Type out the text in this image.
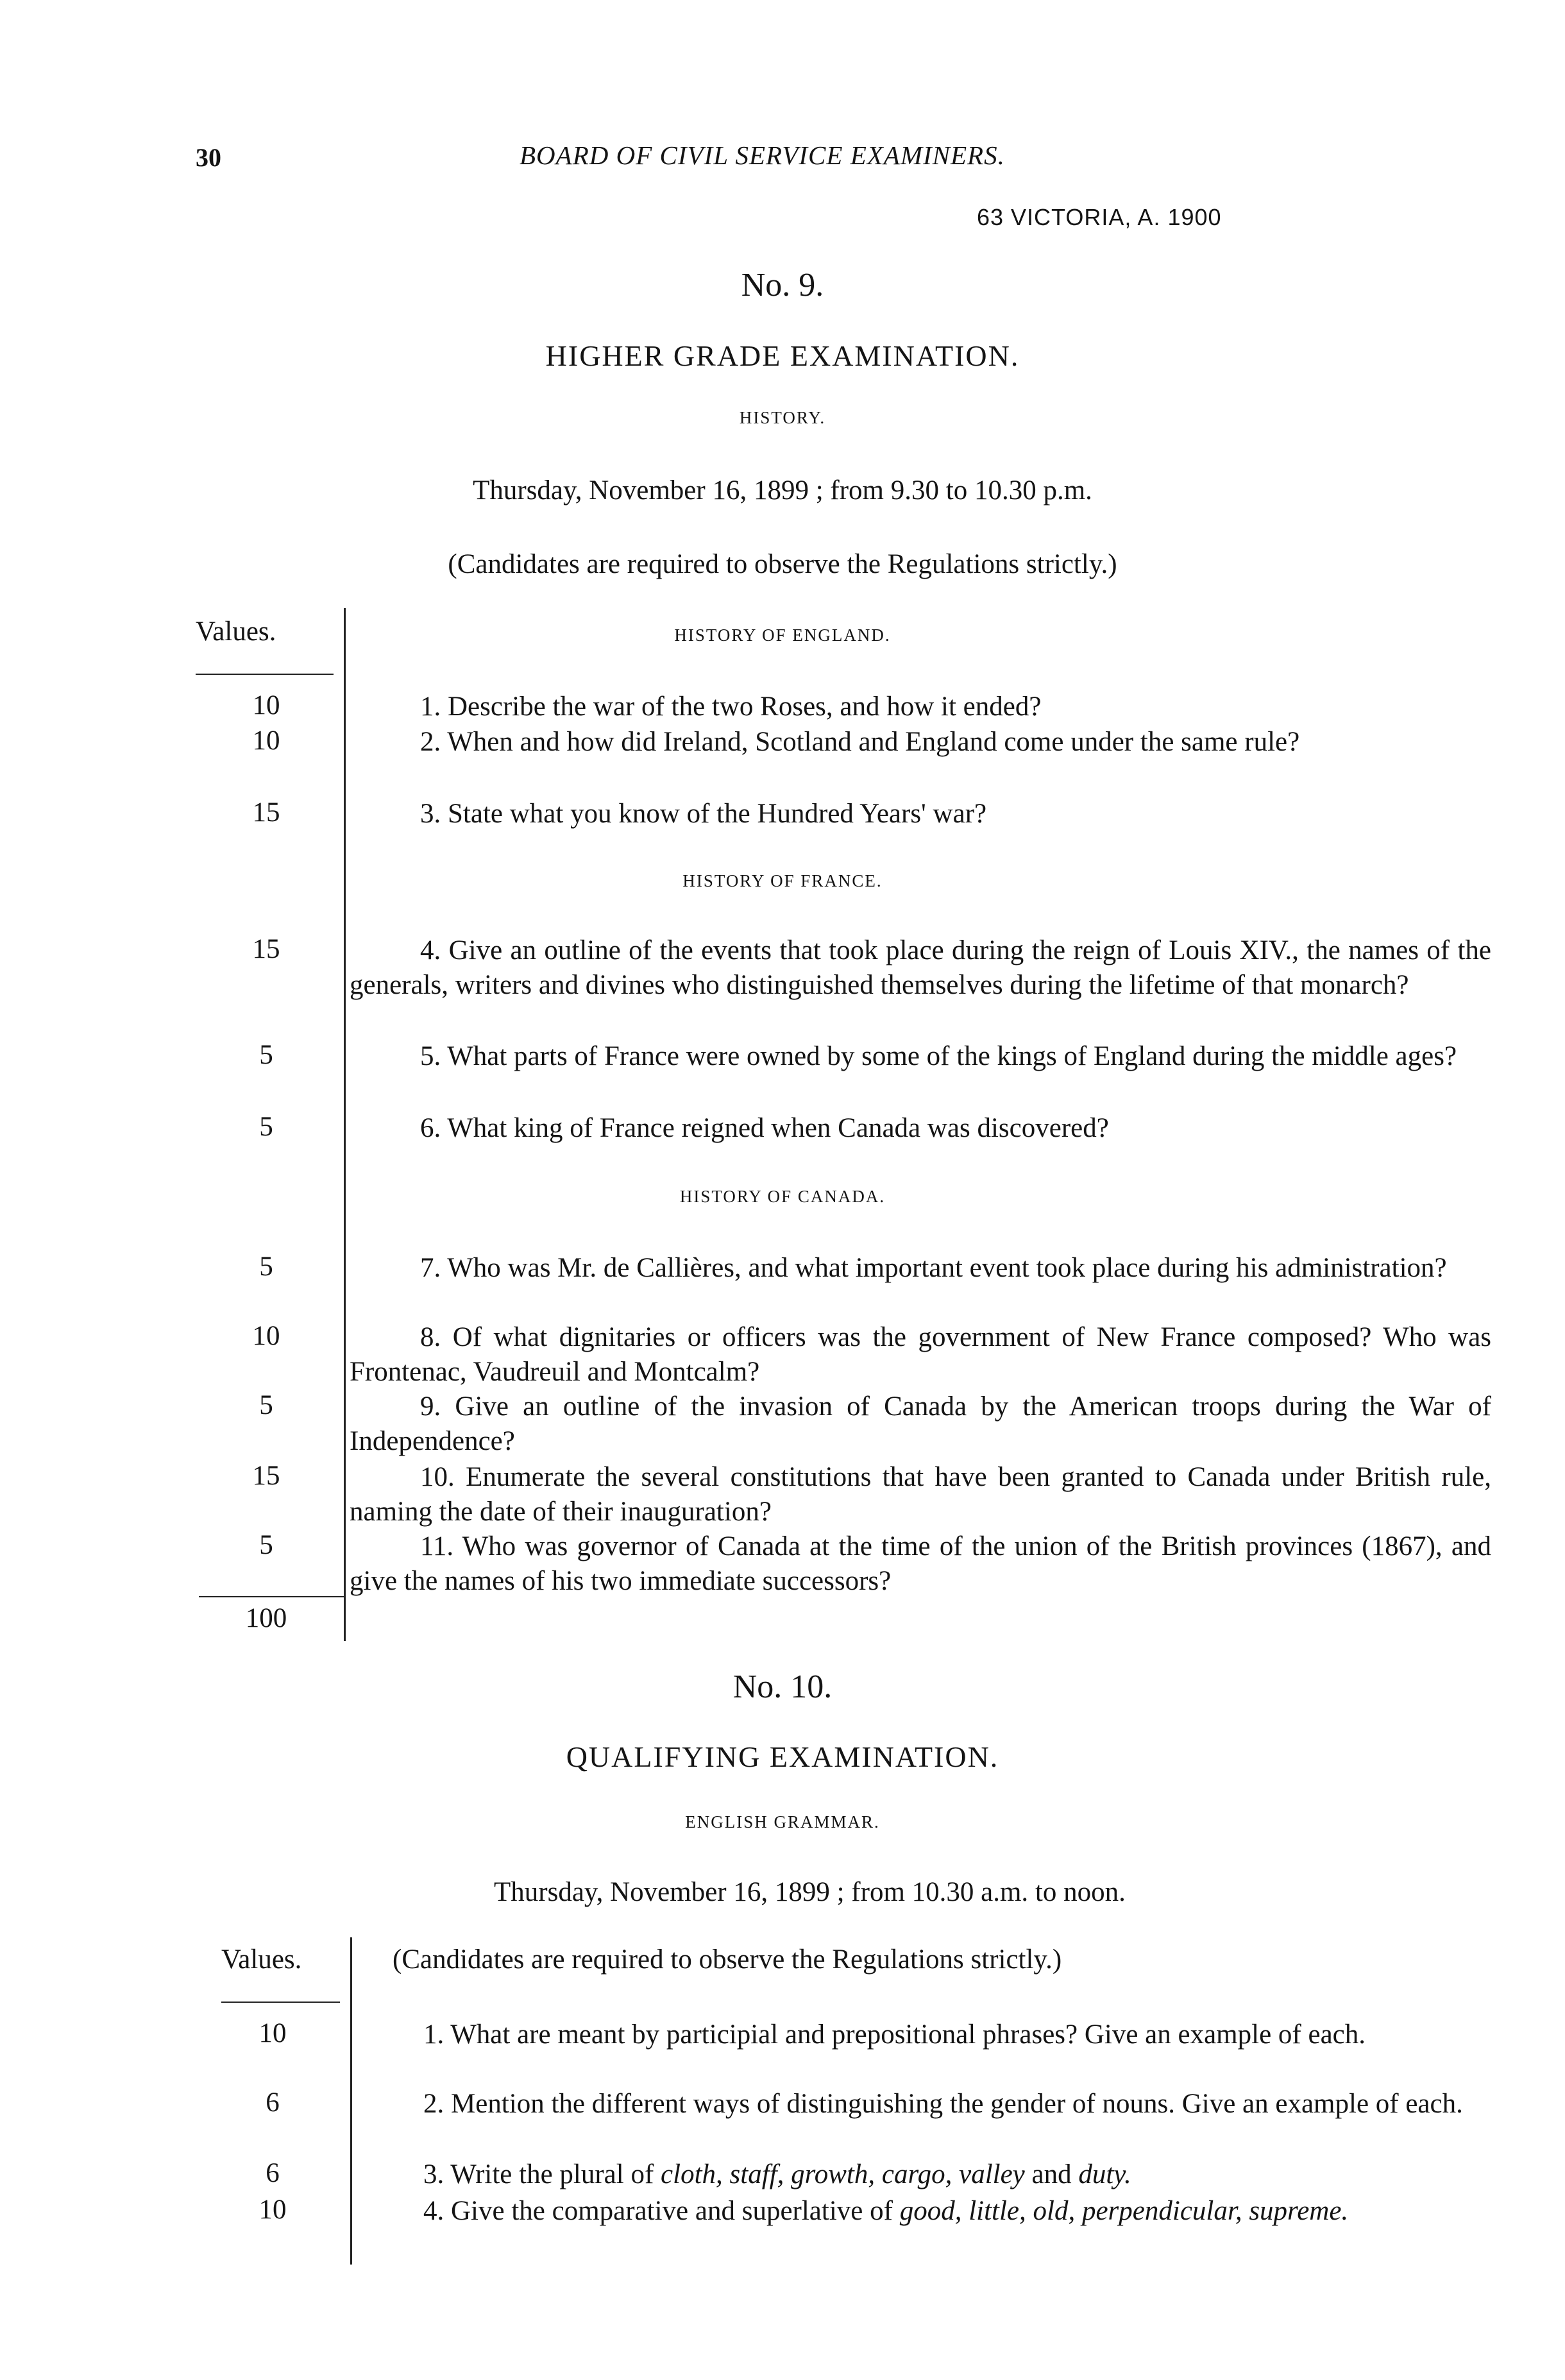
30	BOARD OF CIVIL SERVICE EXAMINERS.
63 VICTORIA, A. 1900
No. 9.
HIGHER GRADE EXAMINATION.
HISTORY.
Thursday, November 16, 1899 ; from 9.30 to 10.30 p.m.
(Candidates are required to observe the Regulations strictly.)
Values.	HISTORY OF ENGLAND.
10	1. Describe the war of the two Roses, and how it ended?
10	2. When and how did Ireland, Scotland and England come under the same rule?
15	3. State what you know of the Hundred Years' war?
HISTORY OF FRANCE.
15	4. Give an outline of the events that took place during the reign of Louis XIV., the names of the generals, writers and divines who distinguished themselves during the lifetime of that monarch?
5	5. What parts of France were owned by some of the kings of England during the middle ages?
5	6. What king of France reigned when Canada was discovered?
HISTORY OF CANADA.
5	7. Who was Mr. de Callières, and what important event took place during his administration?
10	8. Of what dignitaries or officers was the government of New France composed? Who was Frontenac, Vaudreuil and Montcalm?
5	9. Give an outline of the invasion of Canada by the American troops during the War of Independence?
15	10. Enumerate the several constitutions that have been granted to Canada under British rule, naming the date of their inauguration?
5	11. Who was governor of Canada at the time of the union of the British provinces (1867), and give the names of his two immediate successors?
100
No. 10.
QUALIFYING EXAMINATION.
ENGLISH GRAMMAR.
Thursday, November 16, 1899 ; from 10.30 a.m. to noon.
Values.	(Candidates are required to observe the Regulations strictly.)
10	1. What are meant by participial and prepositional phrases? Give an example of each.
6	2. Mention the different ways of distinguishing the gender of nouns. Give an example of each.
6	3. Write the plural of cloth, staff, growth, cargo, valley and duty.
10	4. Give the comparative and superlative of good, little, old, perpendicular, supreme.
